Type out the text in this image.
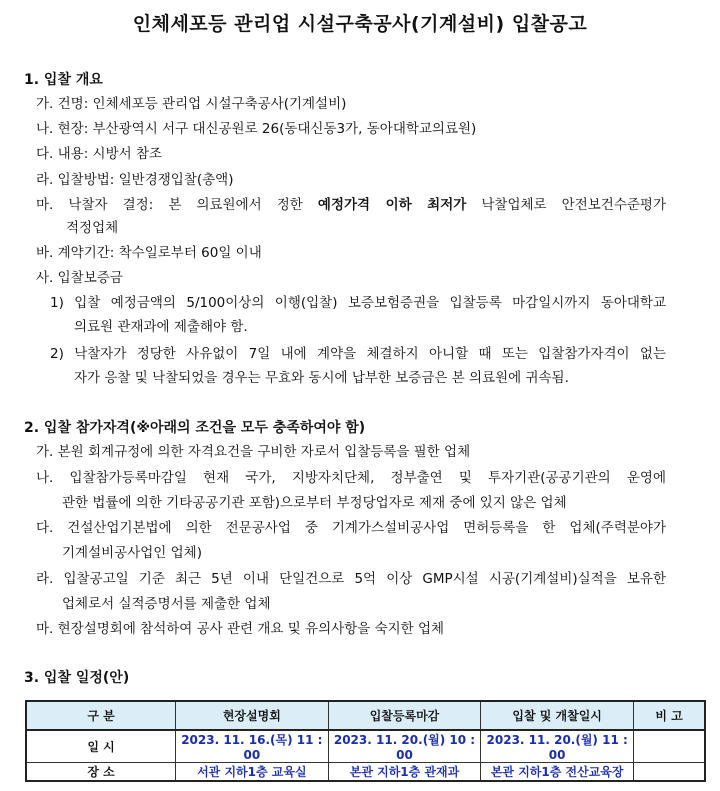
인체세포등 관리업 시설구축공사(기계설비) 입찰공고
1. 입찰 개요
가. 건명: 인체세포등 관리업 시설구축공사(기계설비)
나. 현장: 부산광역시 서구 대신공원로 26(동대신동3가, 동아대학교의료원)
다. 내용: 시방서 참조
라. 입찰방법: 일반경쟁입찰(총액)
마. 낙찰자 결정: 본 의료원에서 정한 예정가격 이하 최저가 낙찰업체로 안전보건수준평가
적정업체
바. 계약기간: 착수일로부터 60일 이내
사. 입찰보증금
1) 입찰 예정금액의 5/100이상의 이행(입찰) 보증보험증권을 입찰등록 마감일시까지 동아대학교
의료원 관재과에 제출해야 함.
2) 낙찰자가 정당한 사유없이 7일 내에 계약을 체결하지 아니할 때 또는 입찰참가자격이 없는
자가 응찰 및 낙찰되었을 경우는 무효와 동시에 납부한 보증금은 본 의료원에 귀속됨.
2. 입찰 참가자격(※아래의 조건을 모두 충족하여야 함)
가. 본원 회계규정에 의한 자격요건을 구비한 자로서 입찰등록을 필한 업체
나. 입찰참가등록마감일 현재 국가, 지방자치단체, 정부출연 및 투자기관(공공기관의 운영에
관한 법률에 의한 기타공공기관 포함)으로부터 부정당업자로 제재 중에 있지 않은 업체
다. 건설산업기본법에 의한 전문공사업 중 기계가스설비공사업 면허등록을 한 업체(주력분야가
기계설비공사업인 업체)
라. 입찰공고일 기준 최근 5년 이내 단일건으로 5억 이상 GMP시설 시공(기계설비)실적을 보유한
업체로서 실적증명서를 제출한 업체
마. 현장설명회에 참석하여 공사 관련 개요 및 유의사항을 숙지한 업체
3. 입찰 일정(안)
구 분	현장설명회	입찰등록마감	입찰 및 개찰일시	비 고
일 시	2023. 11. 16.(목) 11 : 00	2023. 11. 20.(월) 10 : 00	2023. 11. 20.(월) 11 : 00	
장 소	서관 지하1층 교육실	본관 지하1층 관재과	본관 지하1층 전산교육장	
